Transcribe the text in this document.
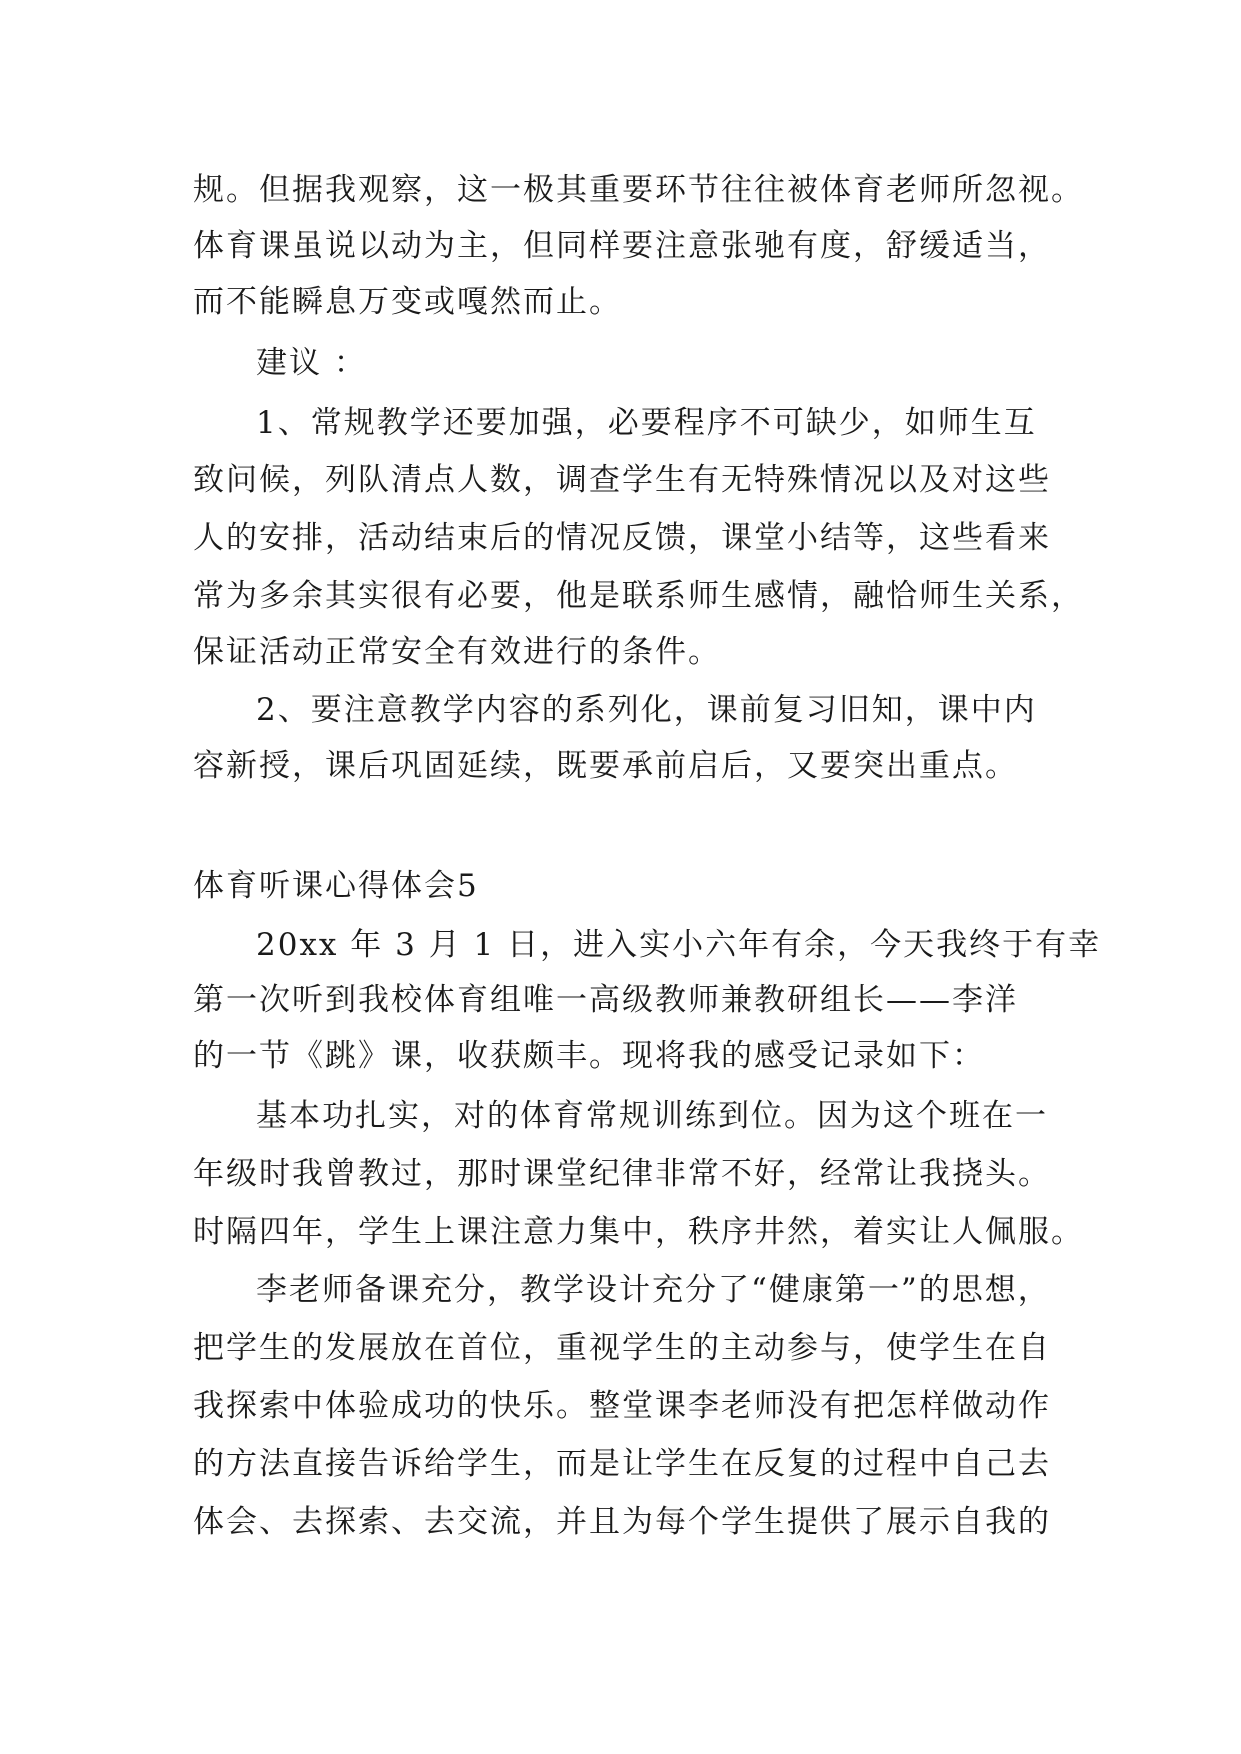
规。但据我观察，这一极其重要环节往往被体育老师所忽视。
体育课虽说以动为主，但同样要注意张驰有度，舒缓适当，
而不能瞬息万变或嘎然而止。
建议 ：
1、常规教学还要加强，必要程序不可缺少，如师生互
致问候，列队清点人数，调查学生有无特殊情况以及对这些
人的安排，活动结束后的情况反馈，课堂小结等，这些看来
常为多余其实很有必要，他是联系师生感情，融恰师生关系，
保证活动正常安全有效进行的条件。
2、要注意教学内容的系列化，课前复习旧知，课中内
容新授，课后巩固延续，既要承前启后，又要突出重点。
体育听课心得体会5
20xx 年 3 月 1 日，进入实小六年有余，今天我终于有幸
第一次听到我校体育组唯一高级教师兼教研组长——李洋
的一节《跳》课，收获颇丰。现将我的感受记录如下：
基本功扎实，对的体育常规训练到位。因为这个班在一
年级时我曾教过，那时课堂纪律非常不好，经常让我挠头。
时隔四年，学生上课注意力集中，秩序井然，着实让人佩服。
李老师备课充分，教学设计充分了“健康第一”的思想，
把学生的发展放在首位，重视学生的主动参与，使学生在自
我探索中体验成功的快乐。整堂课李老师没有把怎样做动作
的方法直接告诉给学生，而是让学生在反复的过程中自己去
体会、去探索、去交流，并且为每个学生提供了展示自我的
